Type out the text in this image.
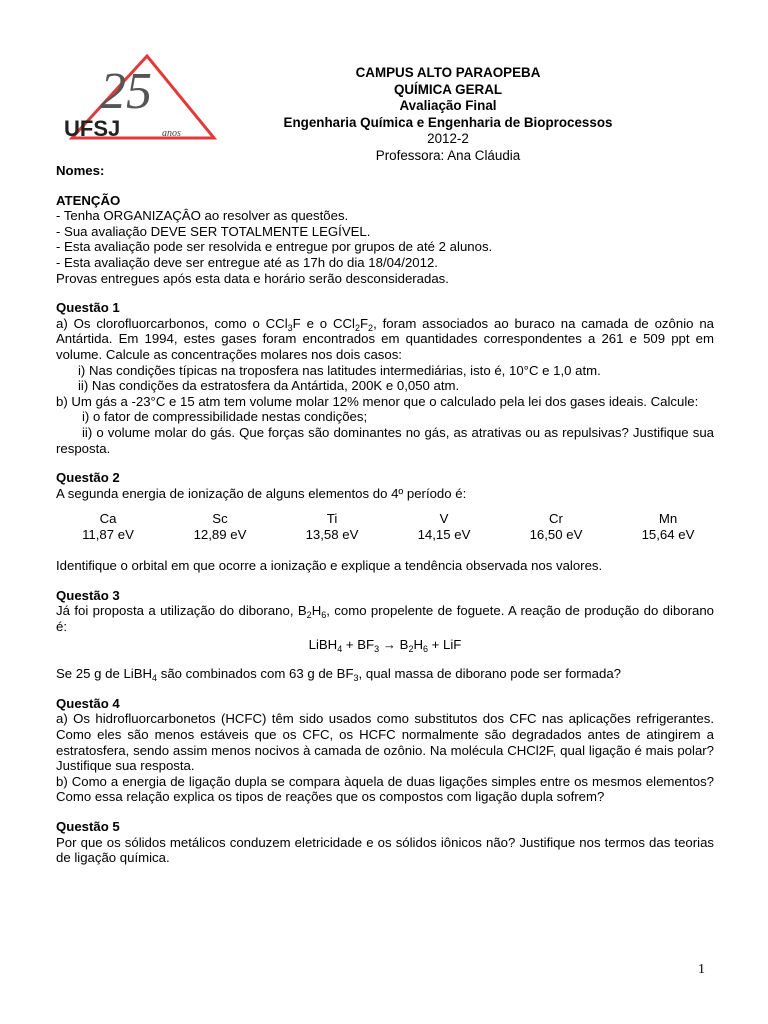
25
UFSJ	anos
CAMPUS ALTO PARAOPEBA
QUÍMICA GERAL
Avaliação Final
Engenharia Química e Engenharia de Bioprocessos
2012-2
Professora: Ana Cláudia

Nomes:

ATENÇÃO

- Tenha ORGANIZAÇÂO ao resolver as questões.

- Sua avaliação DEVE SER TOTALMENTE LEGÍVEL.

- Esta avaliação pode ser resolvida e entregue por grupos de até 2 alunos.

- Esta avaliação deve ser entregue até as 17h do dia 18/04/2012.

Provas entregues após esta data e horário serão desconsideradas.

Questão 1

a) Os clorofluorcarbonos, como o CCl$_3$F e o $CCl_2F_2$, foram associados ao buraco na camada de ozônio na Antártida. Em 1994, estes gases foram encontrados em quantidades correspondentes a 261 e 509 ppt em volume. Calcule as concentrações molares nos dois casos:

i) Nas condições típicas na troposfera nas latitudes intermediárias, isto é, 10°C e 1,0 atm.

ii) Nas condições da estratosfera da Antártida, 200K e 0,050 atm.

b) Um gás a -23°C e 15 atm tem volume molar 12% menor que o calculado pela lei dos gases ideais. Calcule:

i) o fator de compressibilidade nestas condições;

ii) o volume molar do gás. Que forças são dominantes no gás, as atrativas ou as repulsivas? Justifique sua resposta.

Questão 2

A segunda energia de ionização de alguns elementos do 4º período é:

Ca	Sc	Ti	V	Cr	Mn
11,87 eV	12,89 eV	13,58 eV	14,15 eV	16,50 eV	15,64 eV

Identifique o orbital em que ocorre a ionização e explique a tendência observada nos valores.

Questão 3

Já foi proposta a utilização do diborano, $B_2H_6$, como propelente de foguete. A reação de produção do diborano é:

LiBH$_4$ + $BF_3 \to B_2H_6$ + LiF

Se 25 g de LiBH$_4$ são combinados com 63 g de $BF_3$, qual massa de diborano pode ser formada?

Questão 4

a) Os hidrofluorcarbonetos (HCFC) têm sido usados como substitutos dos CFC nas aplicações refrigerantes. Como eles são menos estáveis que os CFC, os HCFC normalmente são degradados antes de atingirem a estratosfera, sendo assim menos nocivos à camada de ozônio. Na molécula CHCl2F, qual ligação é mais polar? Justifique sua resposta.

b) Como a energia de ligação dupla se compara àquela de duas ligações simples entre os mesmos elementos? Como essa relação explica os tipos de reações que os compostos com ligação dupla sofrem?

Questão 5

Por que os sólidos metálicos conduzem eletricidade e os sólidos iônicos não? Justifique nos termos das teorias de ligação química.

1
